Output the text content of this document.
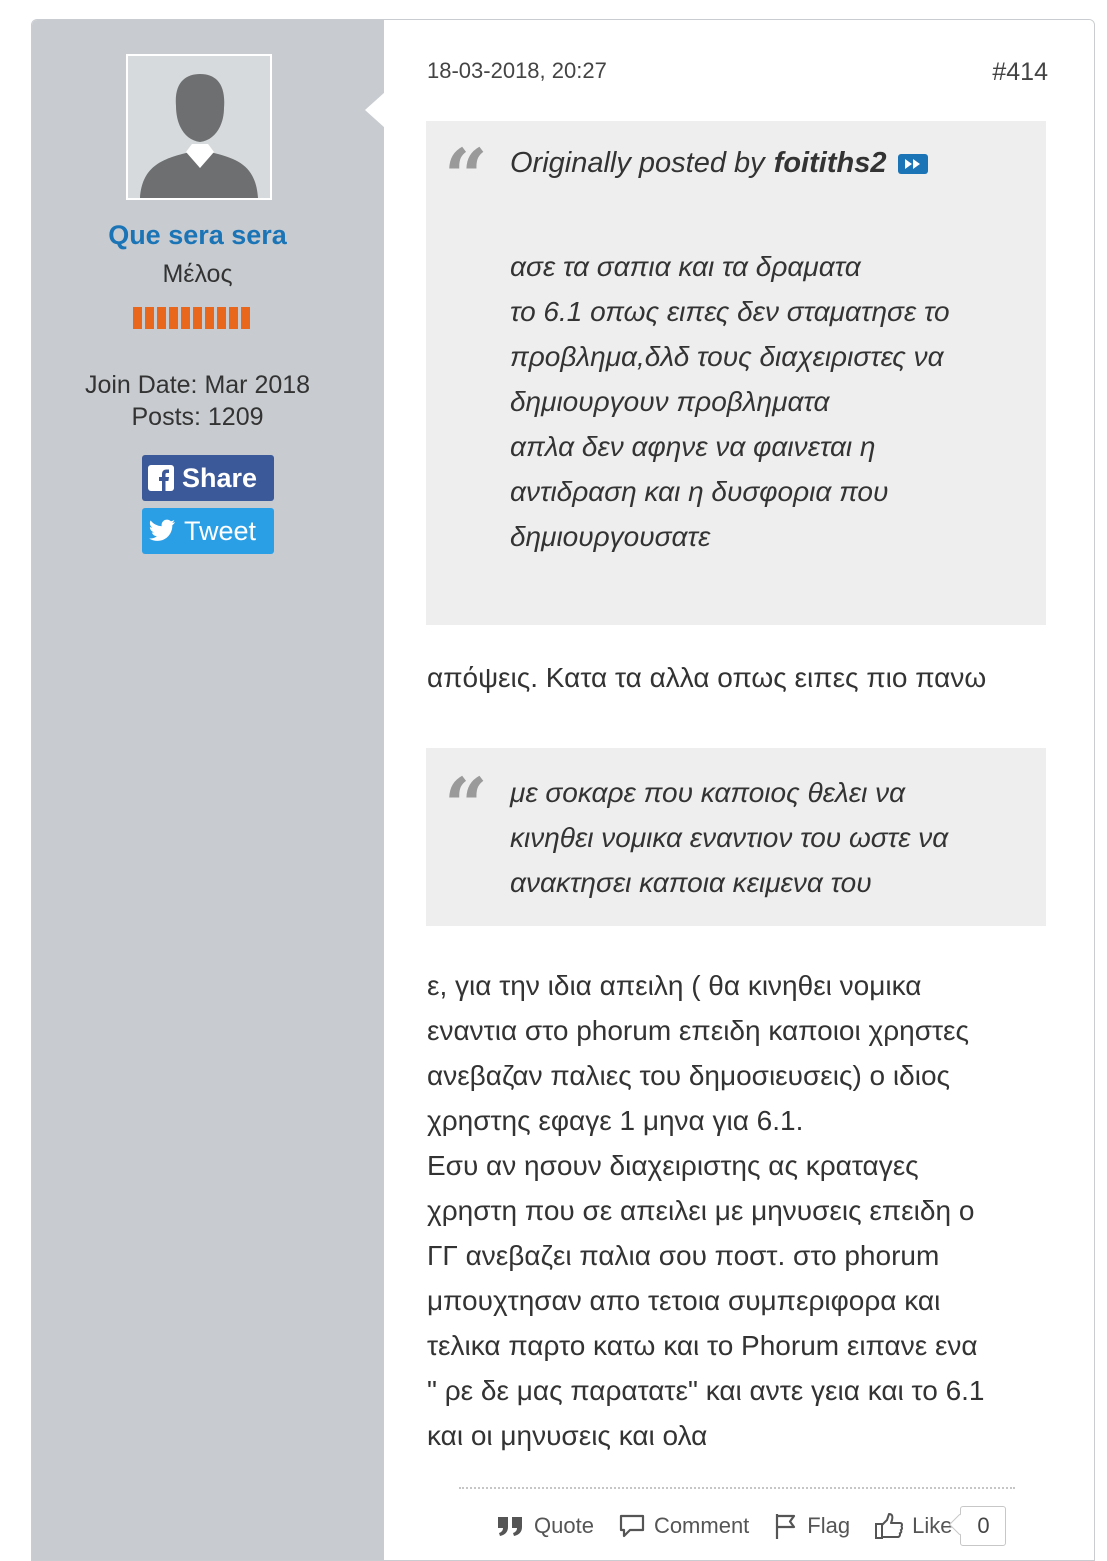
Que sera sera
Μέλος
Join Date: Mar 2018
Posts: 1209
Share
Tweet
18-03-2018, 20:27	#414
“ Originally posted by foitiths2
ασε τα σαπια και τα δραματα
το 6.1 οπως ειπες δεν σταματησε το
προβλημα,δλδ τους διαχειριστες να
δημιουργουν προβληματα
απλα δεν αφηνε να φαινεται η
αντιδραση και η δυσφορια που
δημιουργουσατε
απόψεις. Κατα τα αλλα οπως ειπες πιο πανω
“ με σοκαρε που καποιος θελει να
κινηθει νομικα εναντιον του ωστε να
ανακτησει καποια κειμενα του
ε, για την ιδια απειλη ( θα κινηθει νομικα
εναντια στο phorum επειδη καποιοι χρηστες
ανεβαζαν παλιες του δημοσιευσεις) ο ιδιος
χρηστης εφαγε 1 μηνα για 6.1.
Εσυ αν ησουν διαχειριστης ας κραταγες
χρηστη που σε απειλει με μηνυσεις επειδη ο
ΓΓ ανεβαζει παλια σου ποστ. στο phorum
μπουχτησαν απο τετοια συμπεριφορα και
τελικα παρτο κατω και το Phorum ειπανε ενα
" ρε δε μας παρατατε" και αντε γεια και το 6.1
και οι μηνυσεις και ολα
Quote	Comment	Flag	Like 0
